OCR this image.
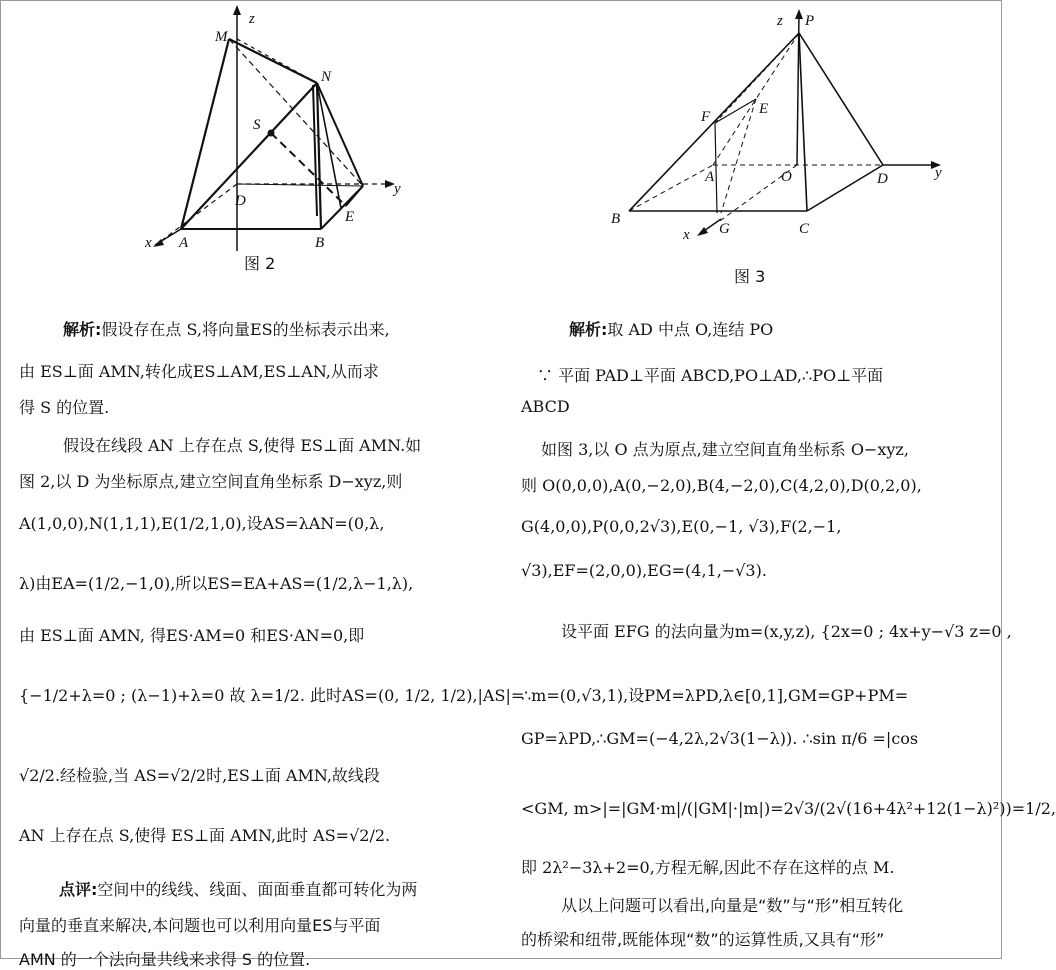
z
M
N
S
D
y
E
x A	B
图 2
z P
F	E
A	O	D	y
B
G	C
x
图 3

解析:假设存在点 S,将向量ES的坐标表示出来,

由 ES⊥面 AMN,转化成ES⊥AM,ES⊥AN,从而求

得 S 的位置.

假设在线段 AN 上存在点 S,使得 ES⊥面 AMN.如

图 2,以 D 为坐标原点,建立空间直角坐标系 D−xyz,则

A(1,0,0),N(1,1,1),E(1/2,1,0),设AS=λAN=(0,λ,

λ)由EA=(1/2,−1,0),所以ES=EA+AS=(1/2,λ−1,λ),

由 ES⊥面 AMN, 得ES·AM=0 和ES·AN=0,即

{−1/2+λ=0 ; (λ−1)+λ=0 故 λ=1/2. 此时AS=(0, 1/2, 1/2),|AS|=

√2/2.经检验,当 AS=√2/2时,ES⊥面 AMN,故线段

AN 上存在点 S,使得 ES⊥面 AMN,此时 AS=√2/2.

点评:空间中的线线、线面、面面垂直都可转化为两

向量的垂直来解决,本问题也可以利用向量ES与平面

AMN 的一个法向量共线来求得 S 的位置.

解析:取 AD 中点 O,连结 PO

∵ 平面 PAD⊥平面 ABCD,PO⊥AD,∴PO⊥平面

ABCD

如图 3,以 O 点为原点,建立空间直角坐标系 O−xyz,

则 O(0,0,0),A(0,−2,0),B(4,−2,0),C(4,2,0),D(0,2,0),

G(4,0,0),P(0,0,2√3),E(0,−1, √3),F(2,−1,

√3),EF=(2,0,0),EG=(4,1,−√3).

设平面 EFG 的法向量为m=(x,y,z), {2x=0 ; 4x+y−√3 z=0 ,

∴m=(0,√3,1),设PM=λPD,λ∈[0,1],GM=GP+PM=

GP=λPD,∴GM=(−4,2λ,2√3(1−λ)). ∴sin π/6 =|cos

<GM, m>|=|GM·m|/(|GM|·|m|)=2√3/(2√(16+4λ²+12(1−λ)²))=1/2,

即 2λ²−3λ+2=0,方程无解,因此不存在这样的点 M.

从以上问题可以看出,向量是“数”与“形”相互转化

的桥梁和纽带,既能体现“数”的运算性质,又具有“形”
